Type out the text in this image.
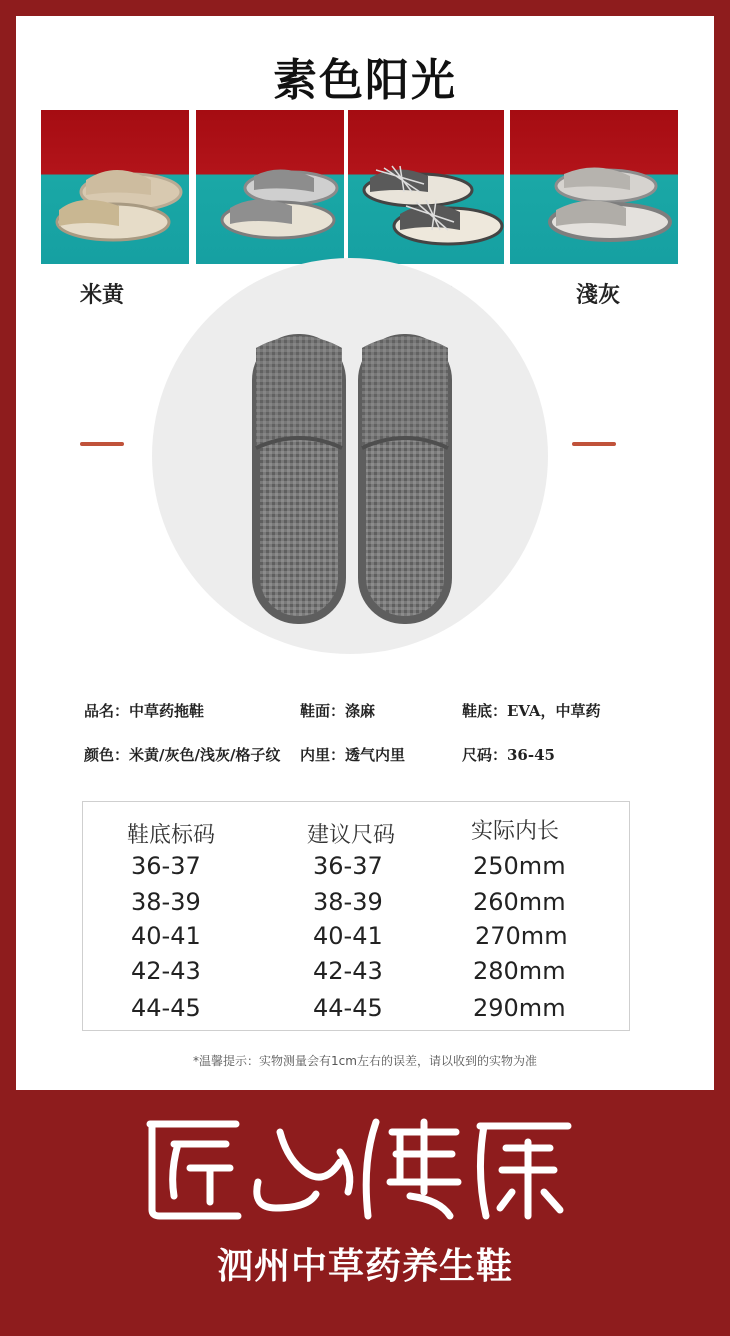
素色阳光
米黄	淺灰
品名：中草药拖鞋	鞋面：涤麻	鞋底：EVA，中草药
颜色：米黄/灰色/浅灰/格子纹 内里：透气内里	尺码：36-45
鞋底标码	建议尺码	实际内长
36-37	36-37	250mm
38-39	38-39	260mm
40-41	40-41	270mm
42-43	42-43	280mm
44-45	44-45	290mm
*温馨提示：实物测量会有1cm左右的误差，请以收到的实物为准
泗州中草药养生鞋
